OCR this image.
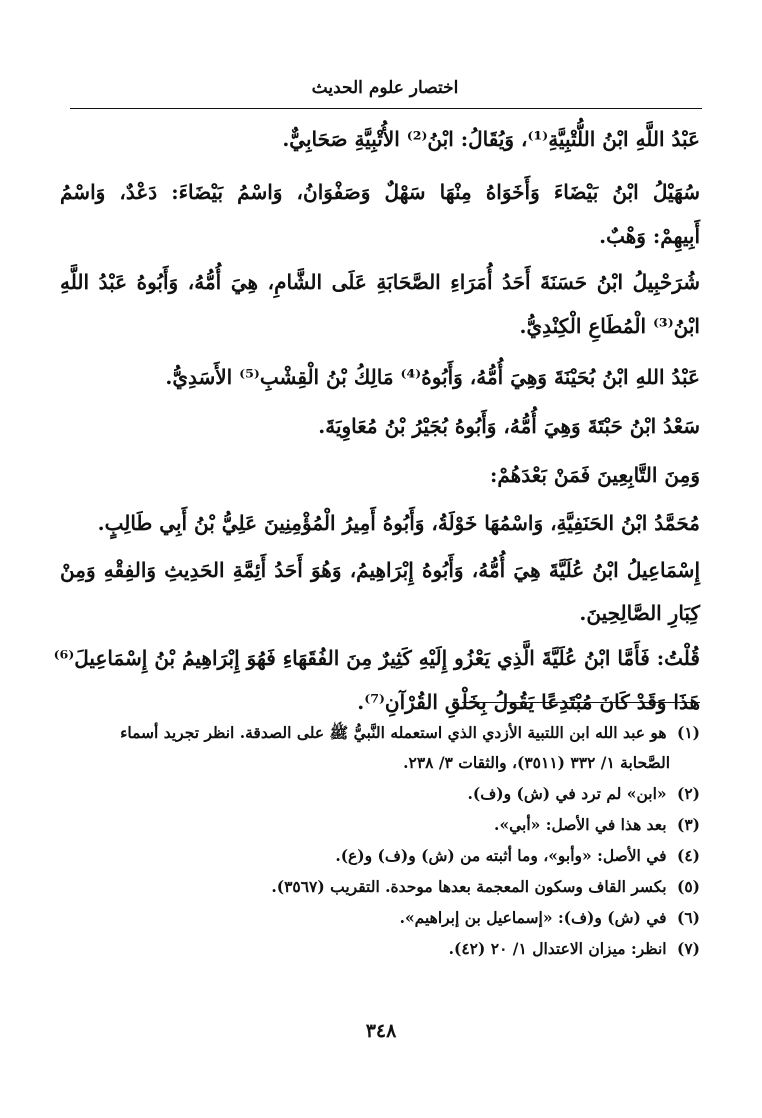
اختصار علوم الحديث
عَبْدُ اللَّهِ ابْنُ اللُّتْبِيَّةِ⁽¹⁾، وَيُقَالُ: ابْنُ⁽²⁾ الأُتْبِيَّةِ صَحَابِيٌّ.
سُهَيْلُ ابْنُ بَيْضَاءَ وَأَخَوَاهُ مِنْهَا سَهْلٌ وَصَفْوَانُ، وَاسْمُ بَيْضَاءَ: دَعْدٌ، وَاسْمُ
أَبِيهِمْ: وَهْبٌ.
شُرَحْبِيلُ ابْنُ حَسَنَةَ أَحَدُ أُمَرَاءِ الصَّحَابَةِ عَلَى الشَّامِ، هِيَ أُمُّهُ، وَأَبُوهُ عَبْدُ اللَّهِ
ابْنُ⁽³⁾ الْمُطَاعِ الْكِنْدِيُّ.
عَبْدُ اللهِ ابْنُ بُحَيْنَةَ وَهِيَ أُمُّهُ، وَأَبُوهُ⁽⁴⁾ مَالِكُ بْنُ الْقِشْبِ⁽⁵⁾ الأَسَدِيُّ.
سَعْدُ ابْنُ حَبْتَةَ وَهِيَ أُمُّهُ، وَأَبُوهُ بُجَيْرُ بْنُ مُعَاوِيَةَ.
وَمِنَ التَّابِعِينَ فَمَنْ بَعْدَهُمْ:
مُحَمَّدُ ابْنُ الحَنَفِيَّةِ، وَاسْمُهَا خَوْلَةُ، وَأَبُوهُ أَمِيرُ الْمُؤْمِنِينَ عَلِيُّ بْنُ أَبِي طَالِبٍ.
إِسْمَاعِيلُ ابْنُ عُلَيَّةَ هِيَ أُمُّهُ، وَأَبُوهُ إِبْرَاهِيمُ، وَهُوَ أَحَدُ أَئِمَّةِ الحَدِيثِ وَالفِقْهِ وَمِنْ
كِبَارِ الصَّالِحِينَ.
قُلْتُ: فَأَمَّا ابْنُ عُلَيَّةَ الَّذِي يَعْزُو إِلَيْهِ كَثِيرٌ مِنَ الفُقَهَاءِ فَهُوَ إِبْرَاهِيمُ بْنُ إِسْمَاعِيلَ⁽⁶⁾
هَذَا وَقَدْ كَانَ مُبْتَدِعًا يَقُولُ بِخَلْقِ القُرْآنِ⁽⁷⁾.
(١) هو عبد الله ابن اللتبية الأزدي الذي استعمله النَّبيُّ ﷺ على الصدقة. انظر تجريد أسماء
الصَّحابة ١/ ٣٣٢ (٣٥١١)، والثقات ٣/ ٢٣٨.
(٢) «ابن» لم ترد في (ش) و(ف).
(٣) بعد هذا في الأصل: «أبي».
(٤) في الأصل: «وأبو»، وما أثبته من (ش) و(ف) و(ع).
(٥) بكسر القاف وسكون المعجمة بعدها موحدة. التقريب (٣٥٦٧).
(٦) في (ش) و(ف): «إسماعيل بن إبراهيم».
(٧) انظر: ميزان الاعتدال ١/ ٢٠ (٤٢).
٣٤٨
